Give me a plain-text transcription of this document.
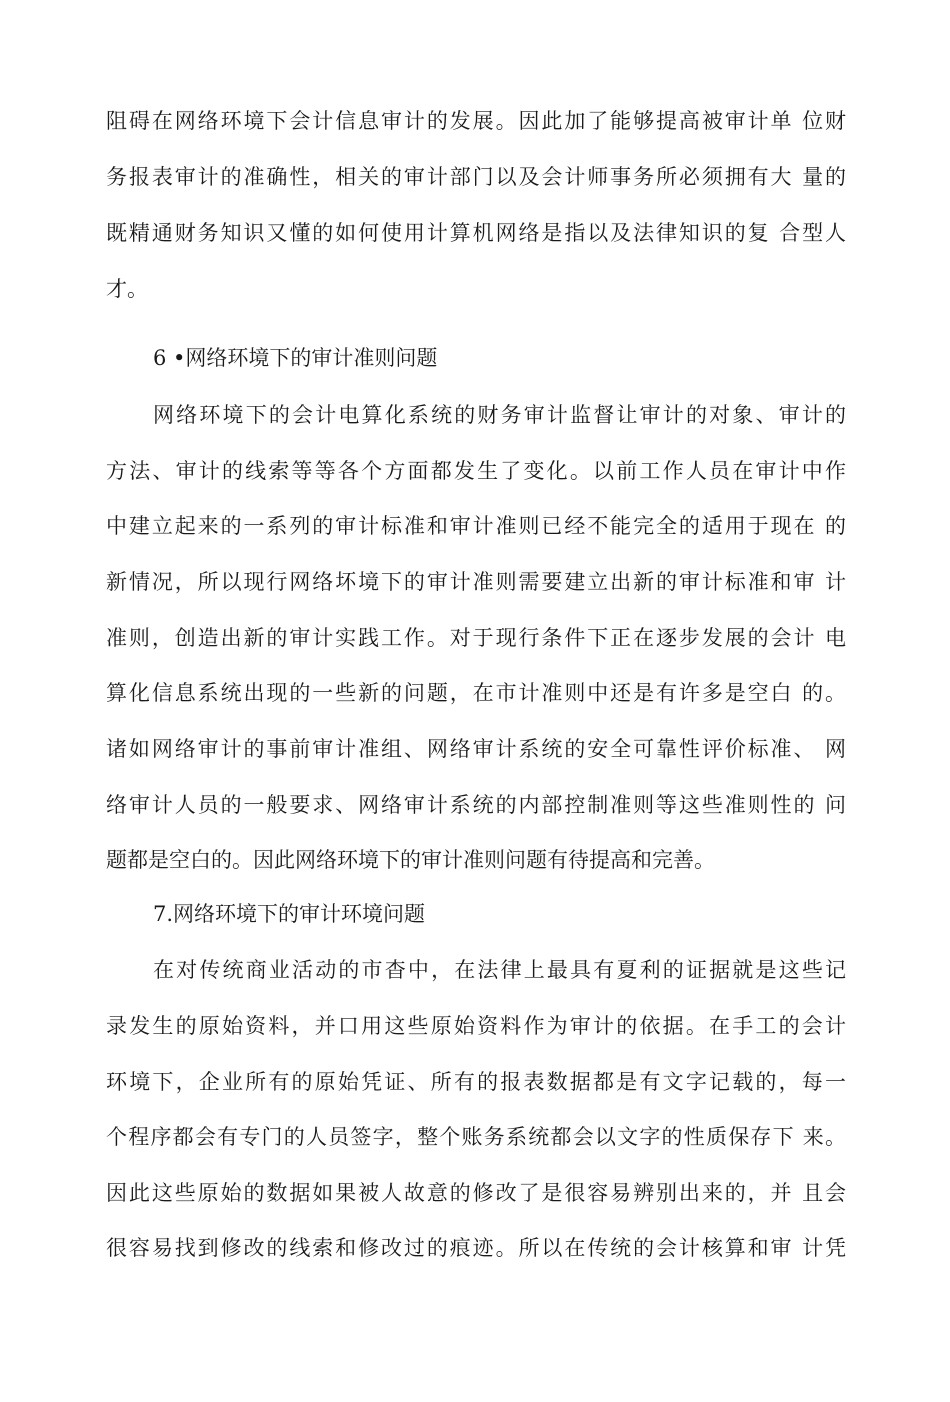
阻碍在网络环境下会计信息审计的发展。因此加了能够提高被审计单 位财

务报表审计的准确性，相关的审计部门以及会计师事务所必须拥有大 量的

既精通财务知识又懂的如何使用计算机网络是指以及法律知识的复 合型人

才。

6 •网络环境下的审计准则问题

网络环境下的会计电算化系统的财务审计监督让审计的对象、审计的

方法、审计的线索等等各个方面都发生了变化。以前工作人员在审计中作

中建立起来的一系列的审计标准和审计准则已经不能完全的适用于现在 的

新情况，所以现行网络坏境下的审计准则需要建立出新的审计标准和审 计

准则，创造出新的审计实践工作。对于现行条件下正在逐步发展的会计 电

算化信息系统出现的一些新的问题，在市计准则中还是有许多是空白 的。

诸如网络审计的事前审计准组、网络审计系统的安全可靠性评价标准、 网

络审计人员的一般要求、网络审计系统的内部控制准则等这些准则性的 问

题都是空白的。因此网络环境下的审计准则问题有待提高和完善。

7.网络环境下的审计环境问题

在对传统商业活动的市杳中，在法律上最具有夏利的证据就是这些记

录发生的原始资料，并口用这些原始资料作为审计的依据。在手工的会计

环境下，企业所有的原始凭证、所有的报表数据都是有文字记载的，每一

个程序都会有专门的人员签字，整个账务系统都会以文字的性质保存下 来。

因此这些原始的数据如果被人故意的修改了是很容易辨别出来的，并 且会

很容易找到修改的线索和修改过的痕迹。所以在传统的会计核算和审 计凭
